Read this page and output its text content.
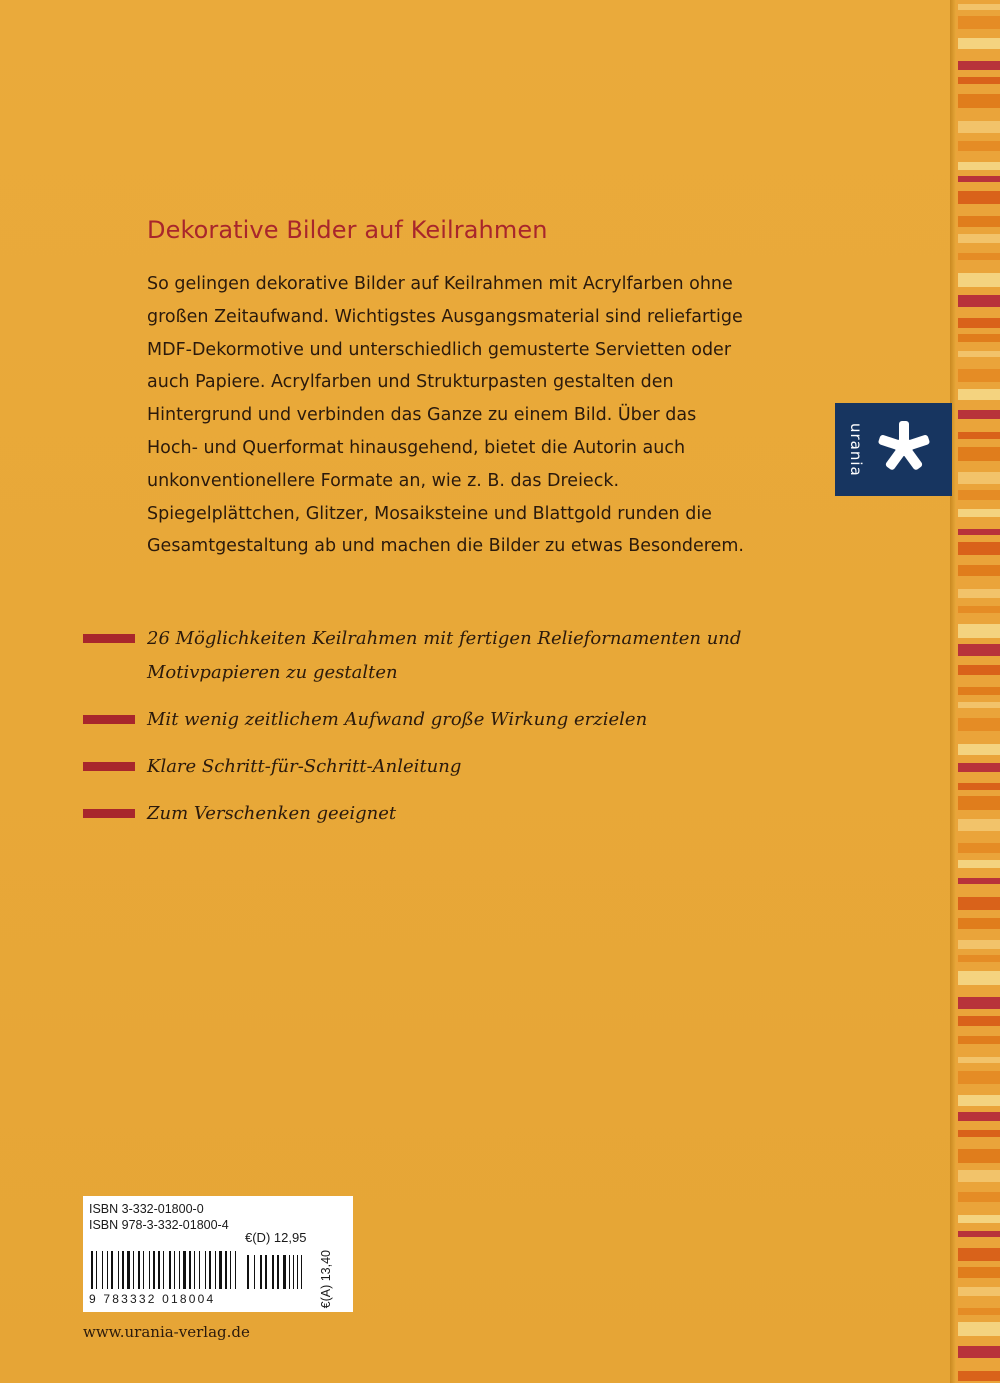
Dekorative Bilder auf Keilrahmen

So gelingen dekorative Bilder auf Keilrahmen mit Acrylfarben ohne großen Zeitaufwand. Wichtigstes Ausgangsmaterial sind reliefartige MDF-Dekormotive und unterschiedlich gemusterte Servietten oder auch Papiere. Acrylfarben und Strukturpasten gestalten den Hintergrund und verbinden das Ganze zu einem Bild. Über das Hoch- und Querformat hinausgehend, bietet die Autorin auch unkonventionellere Formate an, wie z. B. das Dreieck. Spiegelplättchen, Glitzer, Mosaiksteine und Blattgold runden die Gesamtgestaltung ab und machen die Bilder zu etwas Besonderem.

26 Möglichkeiten Keilrahmen mit fertigen Reliefornamenten und Motivpapieren zu gestalten
Mit wenig zeitlichem Aufwand große Wirkung erzielen
Klare Schritt-für-Schritt-Anleitung
Zum Verschenken geeignet
urania
ISBN 3-332-01800-0
ISBN 978-3-332-01800-4
€(D) 12,95
€(A) 13,40
9 783332 018004
www.urania-verlag.de
